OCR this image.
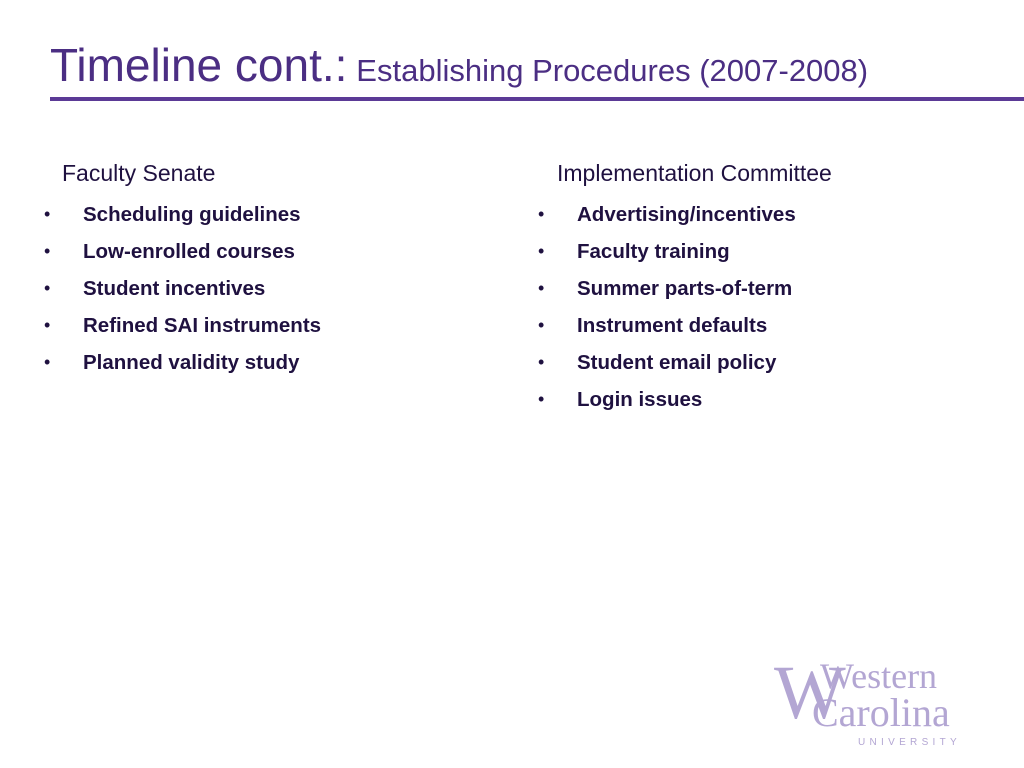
Timeline cont.: Establishing Procedures (2007-2008)
Faculty Senate
• Scheduling guidelines
• Low-enrolled courses
• Student incentives
• Refined SAI instruments
• Planned validity study
Implementation Committee
• Advertising/incentives
• Faculty training
• Summer parts-of-term
• Instrument defaults
• Student email policy
• Login issues
W
Western
Carolina
UNIVERSITY
